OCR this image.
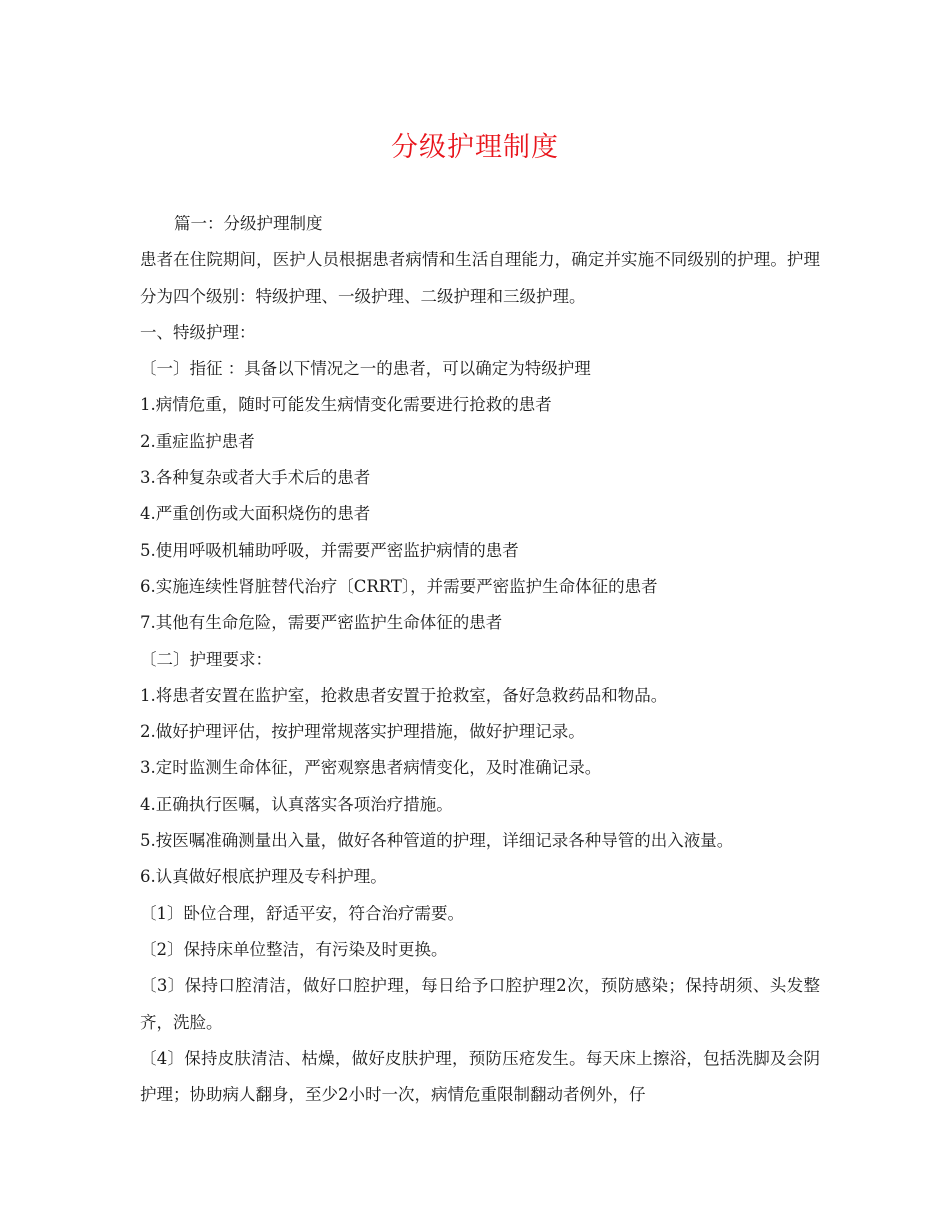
分级护理制度

篇一：分级护理制度

患者在住院期间，医护人员根据患者病情和生活自理能力，确定并实施不同级别的护理。护理分为四个级别：特级护理、一级护理、二级护理和三级护理。

一、特级护理：

〔一〕指征 ：具备以下情况之一的患者，可以确定为特级护理

1.病情危重，随时可能发生病情变化需要进行抢救的患者

2.重症监护患者

3.各种复杂或者大手术后的患者

4.严重创伤或大面积烧伤的患者

5.使用呼吸机辅助呼吸，并需要严密监护病情的患者

6.实施连续性肾脏替代治疗〔CRRT〕，并需要严密监护生命体征的患者

7.其他有生命危险，需要严密监护生命体征的患者

〔二〕护理要求：

1.将患者安置在监护室，抢救患者安置于抢救室，备好急救药品和物品。

2.做好护理评估，按护理常规落实护理措施，做好护理记录。

3.定时监测生命体征，严密观察患者病情变化，及时准确记录。

4.正确执行医嘱，认真落实各项治疗措施。

5.按医嘱准确测量出入量，做好各种管道的护理，详细记录各种导管的出入液量。

6.认真做好根底护理及专科护理。

〔1〕卧位合理，舒适平安，符合治疗需要。

〔2〕保持床单位整洁，有污染及时更换。

〔3〕保持口腔清洁，做好口腔护理，每日给予口腔护理2次，预防感染；保持胡须、头发整齐，洗脸。

〔4〕保持皮肤清洁、枯燥，做好皮肤护理，预防压疮发生。每天床上擦浴，包括洗脚及会阴护理；协助病人翻身，至少2小时一次，病情危重限制翻动者例外，仔
